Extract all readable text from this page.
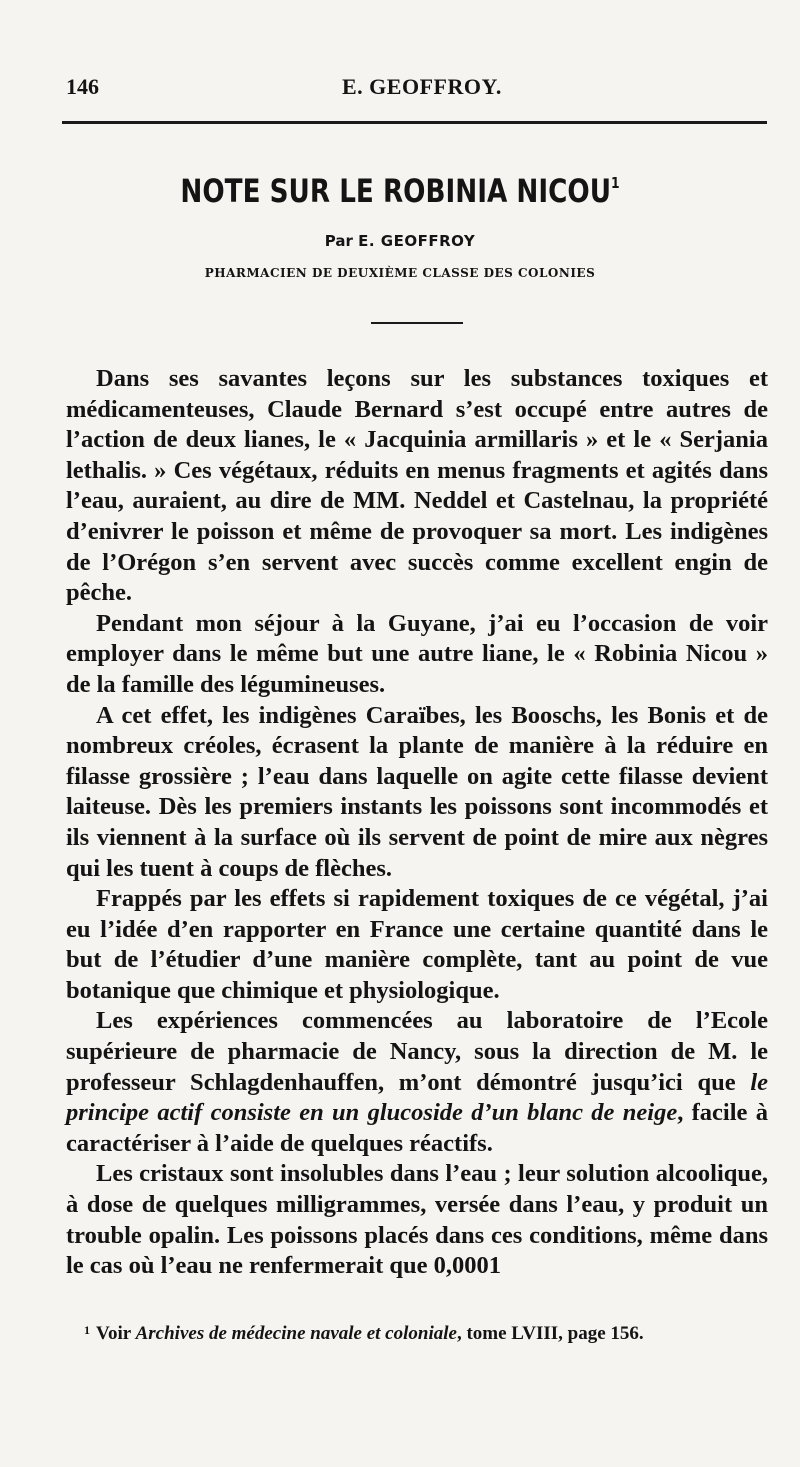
146	E. GEOFFROY.
NOTE SUR LE ROBINIA NICOU$^1$
Par E. GEOFFROY
PHARMACIEN DE DEUXIÈME CLASSE DES COLONIES

Dans ses savantes leçons sur les substances toxiques et médicamenteuses, Claude Bernard s’est occupé entre autres de l’action de deux lianes, le « Jacquinia armillaris » et le « Serjania lethalis. » Ces végétaux, réduits en menus fragments et agités dans l’eau, auraient, au dire de MM. Neddel et Castelnau, la propriété d’enivrer le poisson et même de provoquer sa mort. Les indigènes de l’Orégon s’en servent avec succès comme excellent engin de pêche.

Pendant mon séjour à la Guyane, j’ai eu l’occasion de voir employer dans le même but une autre liane, le « Robinia Nicou » de la famille des légumineuses.

A cet effet, les indigènes Caraïbes, les Booschs, les Bonis et de nombreux créoles, écrasent la plante de manière à la réduire en filasse grossière ; l’eau dans laquelle on agite cette filasse devient laiteuse. Dès les premiers instants les poissons sont incommodés et ils viennent à la surface où ils servent de point de mire aux nègres qui les tuent à coups de flèches.

Frappés par les effets si rapidement toxiques de ce végétal, j’ai eu l’idée d’en rapporter en France une certaine quantité dans le but de l’étudier d’une manière complète, tant au point de vue botanique que chimique et physiologique.

Les expériences commencées au laboratoire de l’Ecole supérieure de pharmacie de Nancy, sous la direction de M. le professeur Schlagdenhauffen, m’ont démontré jusqu’ici que le principe actif consiste en un glucoside d’un blanc de neige, facile à caractériser à l’aide de quelques réactifs.

Les cristaux sont insolubles dans l’eau ; leur solution alcoolique, à dose de quelques milligrammes, versée dans l’eau, y produit un trouble opalin. Les poissons placés dans ces conditions, même dans le cas où l’eau ne renfermerait que 0,0001

$^1$ Voir Archives de médecine navale et coloniale, tome LVIII, page 156.
